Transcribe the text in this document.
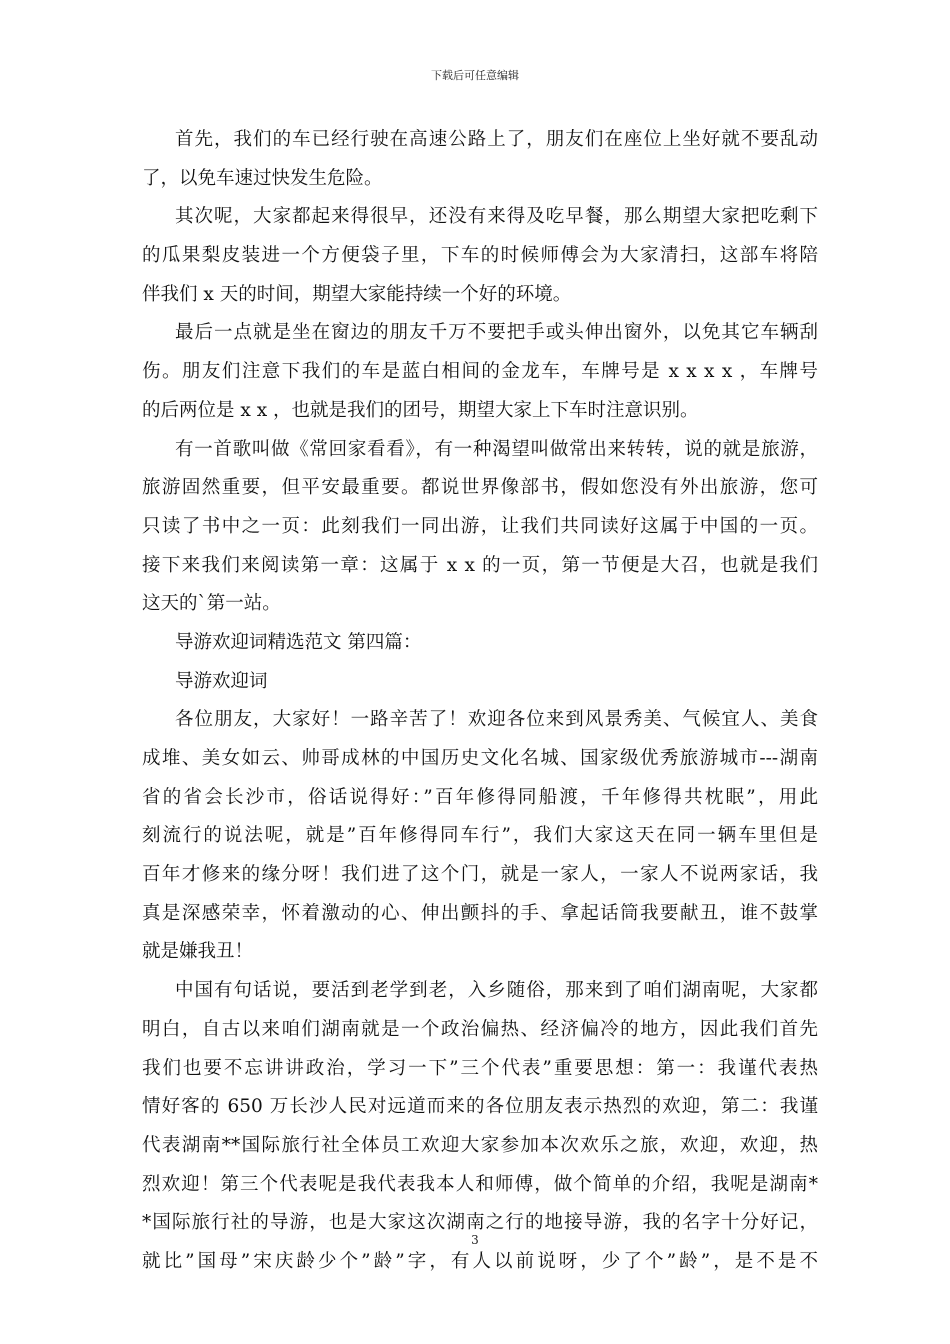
下载后可任意编辑
首先，我们的车已经行驶在高速公路上了，朋友们在座位上坐好就不要乱动
了，以免车速过快发生危险。
其次呢，大家都起来得很早，还没有来得及吃早餐，那么期望大家把吃剩下
的瓜果梨皮装进一个方便袋子里，下车的时候师傅会为大家清扫，这部车将陪
伴我们 x 天的时间，期望大家能持续一个好的环境。
最后一点就是坐在窗边的朋友千万不要把手或头伸出窗外，以免其它车辆刮
伤。朋友们注意下我们的车是蓝白相间的金龙车，车牌号是 x x x x ，车牌号
的后两位是 x x ，也就是我们的团号，期望大家上下车时注意识别。
有一首歌叫做《常回家看看》，有一种渴望叫做常出来转转，说的就是旅游，
旅游固然重要，但平安最重要。都说世界像部书，假如您没有外出旅游，您可
只读了书中之一页：此刻我们一同出游，让我们共同读好这属于中国的一页。
接下来我们来阅读第一章：这属于 x x 的一页，第一节便是大召，也就是我们
这天的`第一站。
导游欢迎词精选范文 第四篇：
导游欢迎词
各位朋友，大家好！一路辛苦了！欢迎各位来到风景秀美、气候宜人、美食
成堆、美女如云、帅哥成林的中国历史文化名城、国家级优秀旅游城市---湖南
省的省会长沙市，俗话说得好：”百年修得同船渡，千年修得共枕眠”，用此
刻流行的说法呢，就是”百年修得同车行”，我们大家这天在同一辆车里但是
百年才修来的缘分呀！我们进了这个门，就是一家人，一家人不说两家话，我
真是深感荣幸，怀着激动的心、伸出颤抖的手、拿起话筒我要献丑，谁不鼓掌
就是嫌我丑！
中国有句话说，要活到老学到老，入乡随俗，那来到了咱们湖南呢，大家都
明白，自古以来咱们湖南就是一个政治偏热、经济偏冷的地方，因此我们首先
我们也要不忘讲讲政治，学习一下”三个代表”重要思想：第一：我谨代表热
情好客的 650 万长沙人民对远道而来的各位朋友表示热烈的欢迎，第二：我谨
代表湖南**国际旅行社全体员工欢迎大家参加本次欢乐之旅，欢迎，欢迎，热
烈欢迎！第三个代表呢是我代表我本人和师傅，做个简单的介绍，我呢是湖南*
*国际旅行社的导游，也是大家这次湖南之行的地接导游，我的名字十分好记，
就比”国母”宋庆龄少个”龄”字，有人以前说呀，少了个”龄”，是不是不
3
